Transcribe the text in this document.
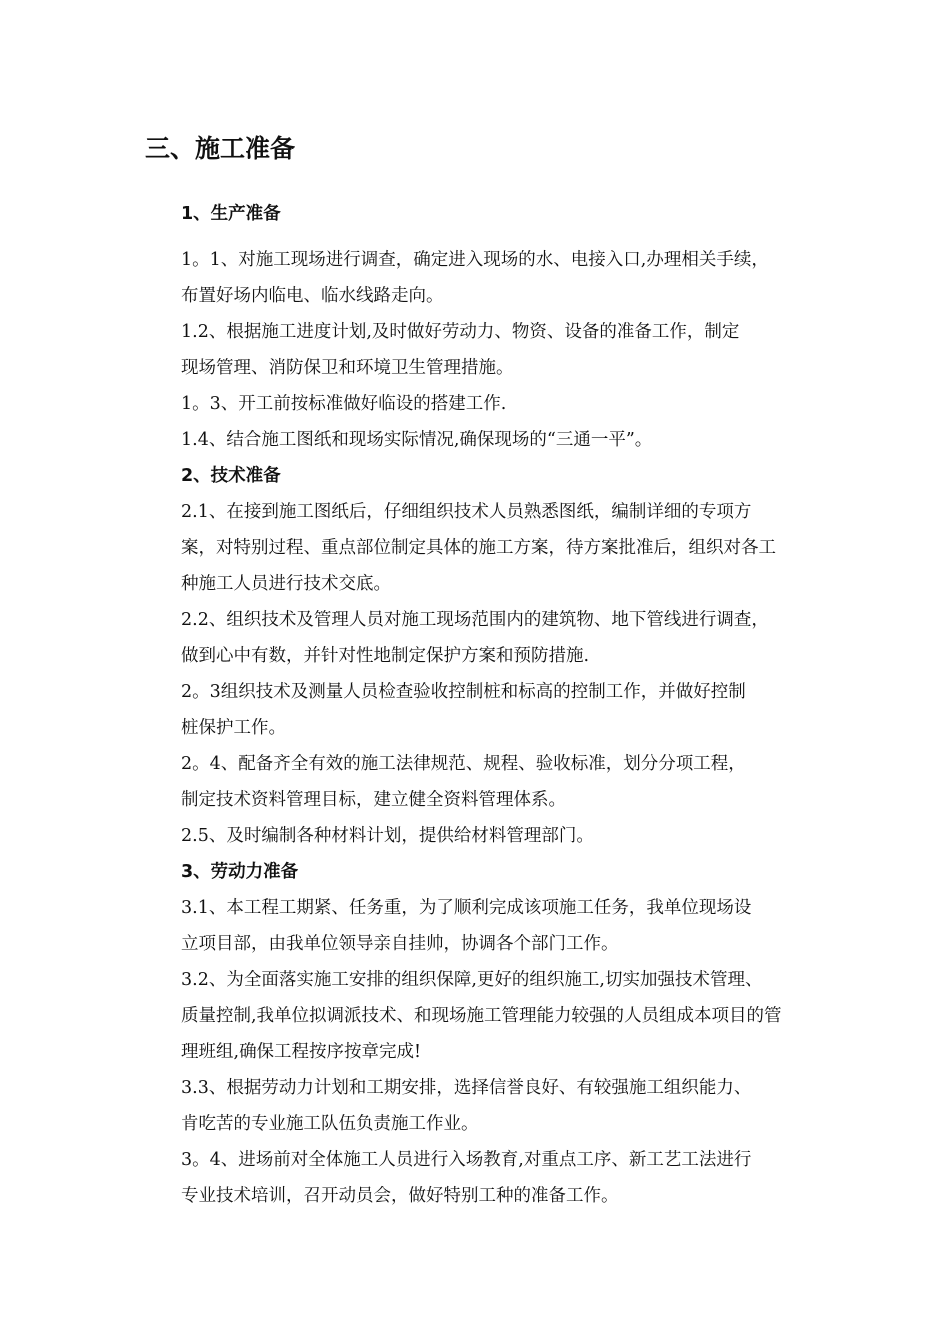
三、施工准备
1、生产准备

1。1、对施工现场进行调查，确定进入现场的水、电接入口,办理相关手续，
布置好场内临电、临水线路走向。

1.2、根据施工进度计划,及时做好劳动力、物资、设备的准备工作，制定
现场管理、消防保卫和环境卫生管理措施。

1。3、开工前按标准做好临设的搭建工作.

1.4、结合施工图纸和现场实际情况,确保现场的“三通一平”。

2、技术准备

2.1、在接到施工图纸后，仔细组织技术人员熟悉图纸，编制详细的专项方
案，对特别过程、重点部位制定具体的施工方案，待方案批准后，组织对各工
种施工人员进行技术交底。

2.2、组织技术及管理人员对施工现场范围内的建筑物、地下管线进行调查，
做到心中有数，并针对性地制定保护方案和预防措施.

2。3组织技术及测量人员检查验收控制桩和标高的控制工作，并做好控制
桩保护工作。

2。4、配备齐全有效的施工法律规范、规程、验收标准，划分分项工程，
制定技术资料管理目标，建立健全资料管理体系。

2.5、及时编制各种材料计划，提供给材料管理部门。

3、劳动力准备

3.1、本工程工期紧、任务重，为了顺利完成该项施工任务，我单位现场设
立项目部，由我单位领导亲自挂帅，协调各个部门工作。

3.2、为全面落实施工安排的组织保障,更好的组织施工,切实加强技术管理、
质量控制,我单位拟调派技术、和现场施工管理能力较强的人员组成本项目的管
理班组,确保工程按序按章完成!

3.3、根据劳动力计划和工期安排，选择信誉良好、有较强施工组织能力、
肯吃苦的专业施工队伍负责施工作业。

3。4、进场前对全体施工人员进行入场教育,对重点工序、新工艺工法进行
专业技术培训，召开动员会，做好特别工种的准备工作。
